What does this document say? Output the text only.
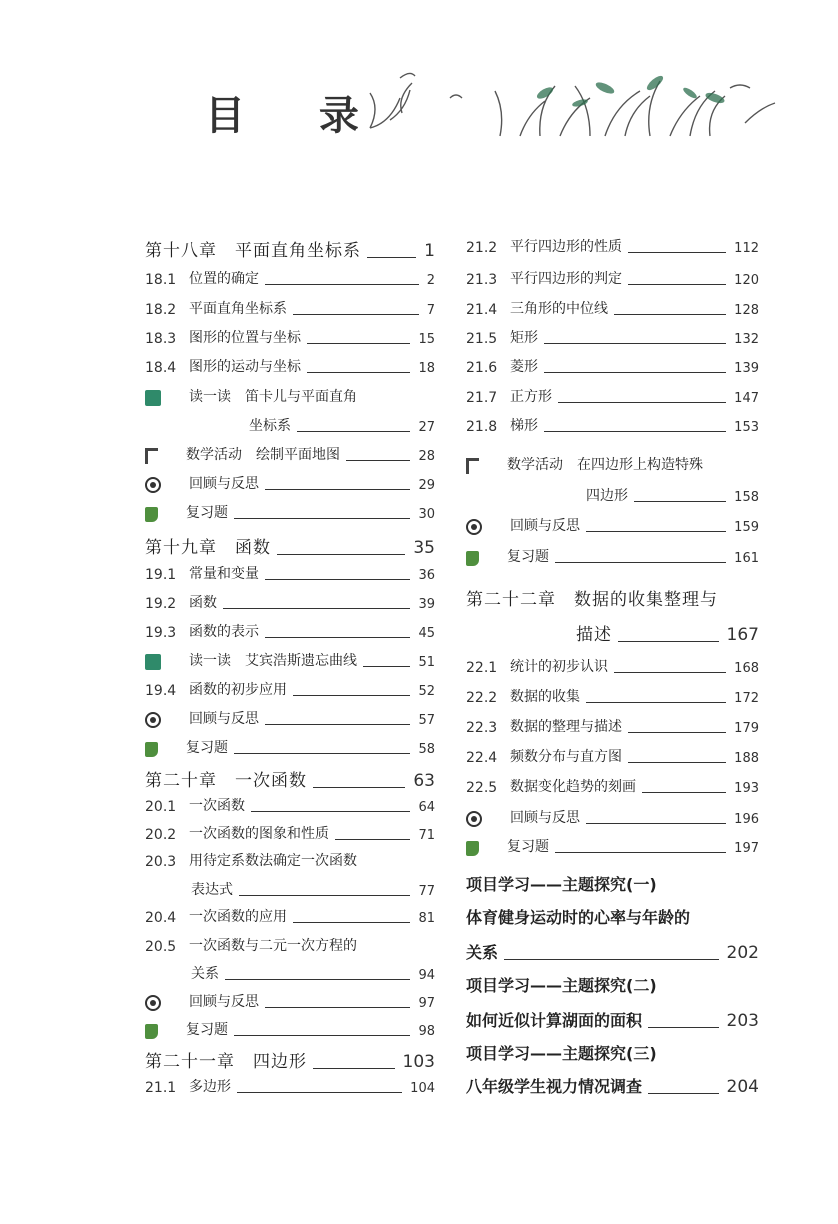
目 录
第十八章　平面直角坐标系	1
18.1 位置的确定	2
18.2 平面直角坐标系	7
18.3 图形的位置与坐标	15
18.4 图形的运动与坐标	18
读一读　笛卡儿与平面直角
坐标系	27
数学活动　绘制平面地图	28
回顾与反思	29
复习题	30
第十九章　函数	35
19.1 常量和变量	36
19.2 函数	39
19.3 函数的表示	45
读一读　艾宾浩斯遗忘曲线	51
19.4 函数的初步应用	52
回顾与反思	57
复习题	58
第二十章　一次函数	63
20.1 一次函数	64
20.2 一次函数的图象和性质	71
20.3 用待定系数法确定一次函数
表达式	77
20.4 一次函数的应用	81
20.5 一次函数与二元一次方程的
关系	94
回顾与反思	97
复习题	98
第二十一章　四边形	103
21.1 多边形	104
21.2 平行四边形的性质	112
21.3 平行四边形的判定	120
21.4 三角形的中位线	128
21.5 矩形	132
21.6 菱形	139
21.7 正方形	147
21.8 梯形	153
数学活动　在四边形上构造特殊
四边形	158
回顾与反思	159
复习题	161
第二十二章　数据的收集整理与
描述	167
22.1 统计的初步认识	168
22.2 数据的收集	172
22.3 数据的整理与描述	179
22.4 频数分布与直方图	188
22.5 数据变化趋势的刻画	193
回顾与反思	196
复习题	197
项目学习——主题探究(一)
体育健身运动时的心率与年龄的
关系	202
项目学习——主题探究(二)
如何近似计算湖面的面积	203
项目学习——主题探究(三)
八年级学生视力情况调查	204
